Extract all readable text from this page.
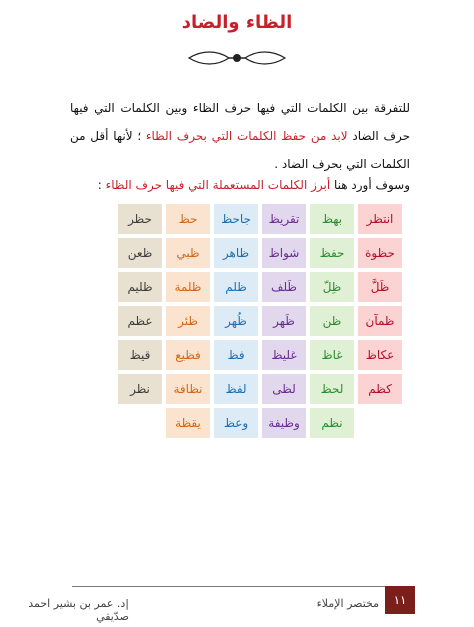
الظاء والضاد
للتفرقة بين الكلمات التي فيها حرف الظاء وبين الكلمات التي فيها حرف الضاد لابد من حفظ الكلمات التي بحرف الظاء ؛ لأنها أقل من الكلمات التي بحرف الضاد .
وسوف أورد هنا أبرز الكلمات المستعملة التي فيها حرف الظاء :
انتظر
بهظ
تقريظ
جاحظ
حظ
حظر
حظوة
حفظ
شواظ
ظاهر
ظبي
ظعن
ظَلَّ
ظِلّ
ظَلف
ظلم
ظلمة
ظليم
ظمآن
ظن
ظَهر
ظُهر
ظئر
عظم
عكاظ
غاظ
غليظ
فظ
فظيع
قيظ
كظم
لحظ
لظى
لفظ
نظافة
نظر
نظم
وظيفة
وعظ
يقظة
١١
مختصر الإملاء
|د. عمر بن بشير احمد صدّيقي
